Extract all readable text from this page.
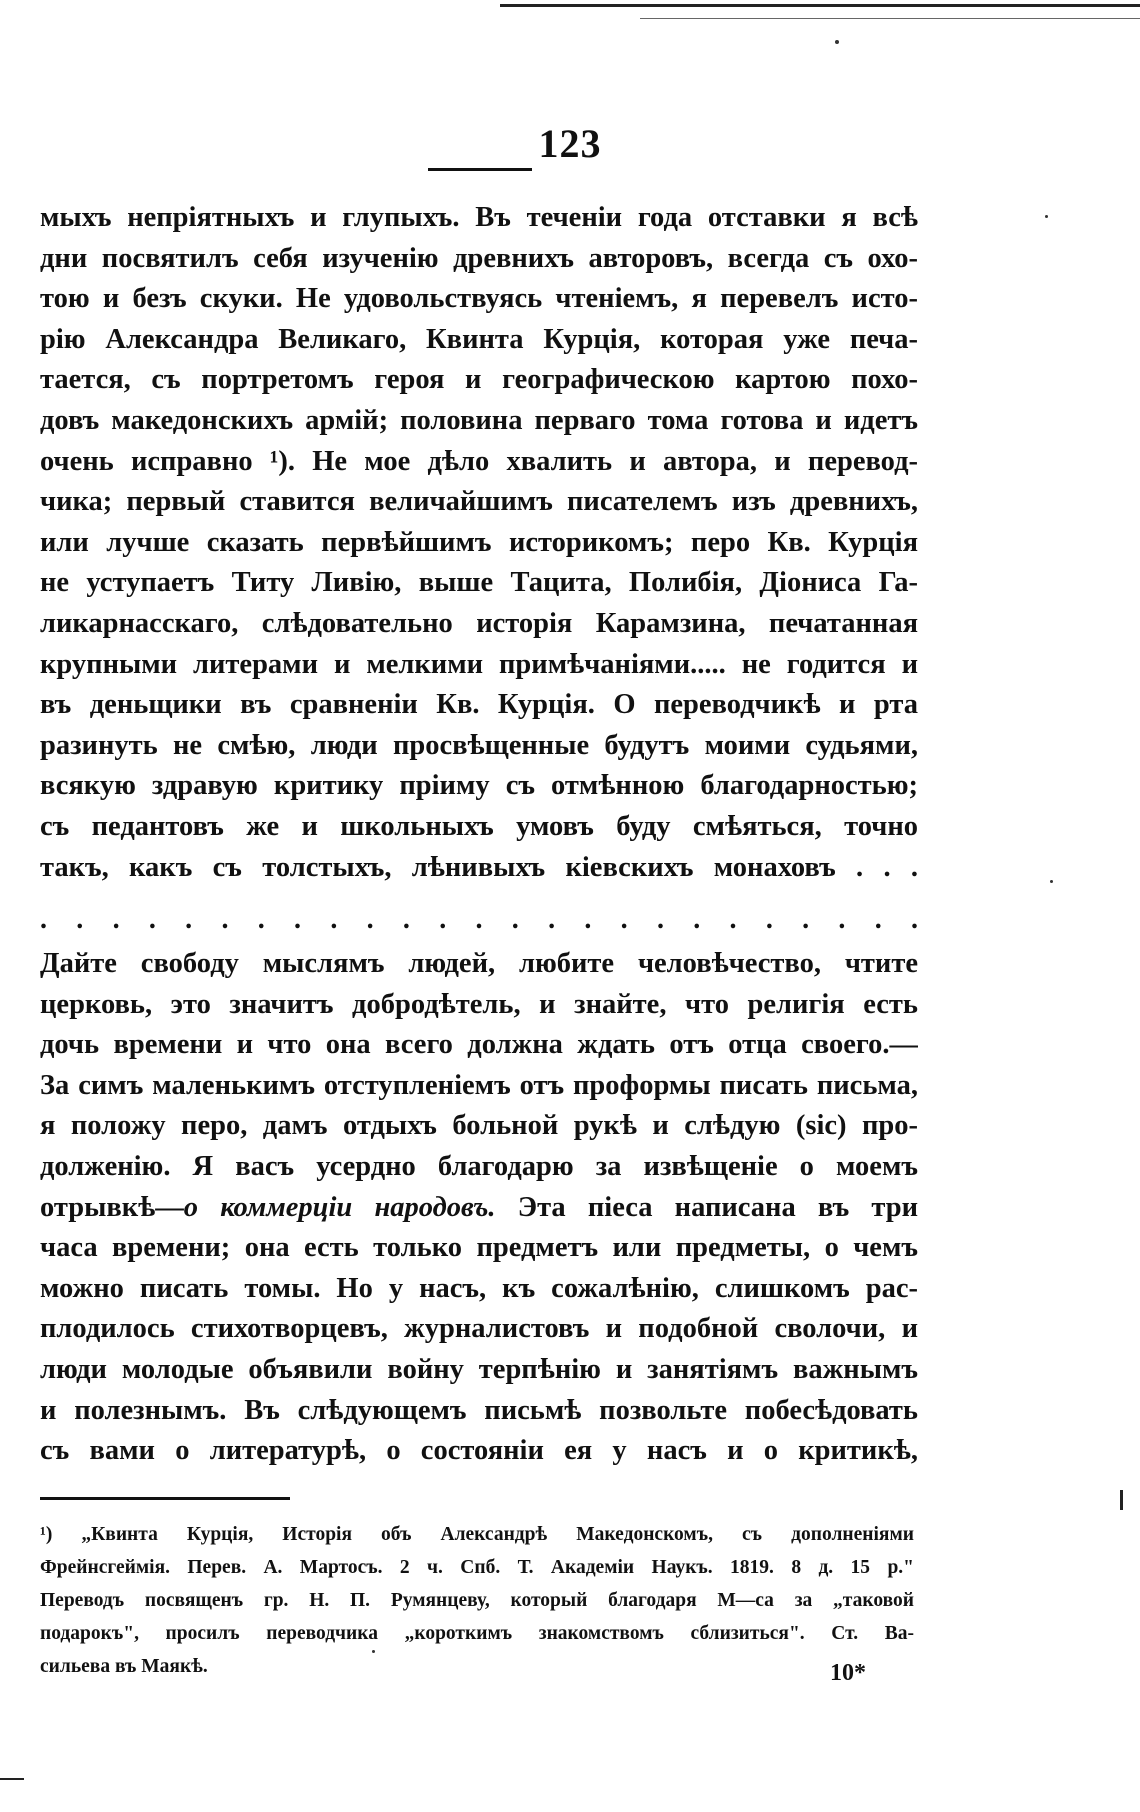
123
мыхъ непріятныхъ и глупыхъ. Въ теченіи года отставки я всѣ
дни посвятилъ себя изученію древнихъ авторовъ, всегда съ охо-
тою и безъ скуки. Не удовольствуясь чтеніемъ, я перевелъ исто-
рію Александра Великаго, Квинта Курція, которая уже печа-
тается, съ портретомъ героя и географическою картою похо-
довъ македонскихъ армій; половина перваго тома готова и идетъ
очень исправно ¹). Не мое дѣло хвалить и автора, и перевод-
чика; первый ставится величайшимъ писателемъ изъ древнихъ,
или лучше сказать первѣйшимъ историкомъ; перо Кв. Курція
не уступаетъ Титу Ливію, выше Тацита, Полибія, Діониса Га-
ликарнасскаго, слѣдовательно исторія Карамзина, печатанная
крупными литерами и мелкими примѣчаніями..... не годится и
въ деньщики въ сравненіи Кв. Курція. О переводчикѣ и рта
разинуть не смѣю, люди просвѣщенные будутъ моими судьями,
всякую здравую критику пріиму съ отмѣнною благодарностью;
съ педантовъ же и школьныхъ умовъ буду смѣяться, точно
такъ, какъ съ толстыхъ, лѣнивыхъ кіевскихъ монаховъ . . .
. . . . . . . . . . . . . . . . . . . . . . . . .
Дайте свободу мыслямъ людей, любите человѣчество, чтите
церковь, это значитъ добродѣтель, и знайте, что религія есть
дочь времени и что она всего должна ждать отъ отца своего.—
За симъ маленькимъ отступленіемъ отъ проформы писать письма,
я положу перо, дамъ отдыхъ больной рукѣ и слѣдую (sic) про-
долженію. Я васъ усердно благодарю за извѣщеніе о моемъ
отрывкѣ—о коммерціи народовъ. Эта піеса написана въ три
часа времени; она есть только предметъ или предметы, о чемъ
можно писать томы. Но у насъ, къ сожалѣнію, слишкомъ рас-
плодилось стихотворцевъ, журналистовъ и подобной сволочи, и
люди молодые объявили войну терпѣнію и занятіямъ важнымъ
и полезнымъ. Въ слѣдующемъ письмѣ позвольте побесѣдовать
съ вами о литературѣ, о состояніи ея у насъ и о критикѣ,
¹) „Квинта Курція, Исторія объ Александрѣ Македонскомъ, съ дополненіями
Фрейнсгеймія. Перев. А. Мартосъ. 2 ч. Спб. Т. Академіи Наукъ. 1819. 8 д. 15 р."
Переводъ посвященъ гр. Н. П. Румянцеву, который благодаря М—са за „таковой
подарокъ", просилъ переводчика „короткимъ знакомствомъ сблизиться". Ст. Ва-
сильева въ Маякѣ.	10*
